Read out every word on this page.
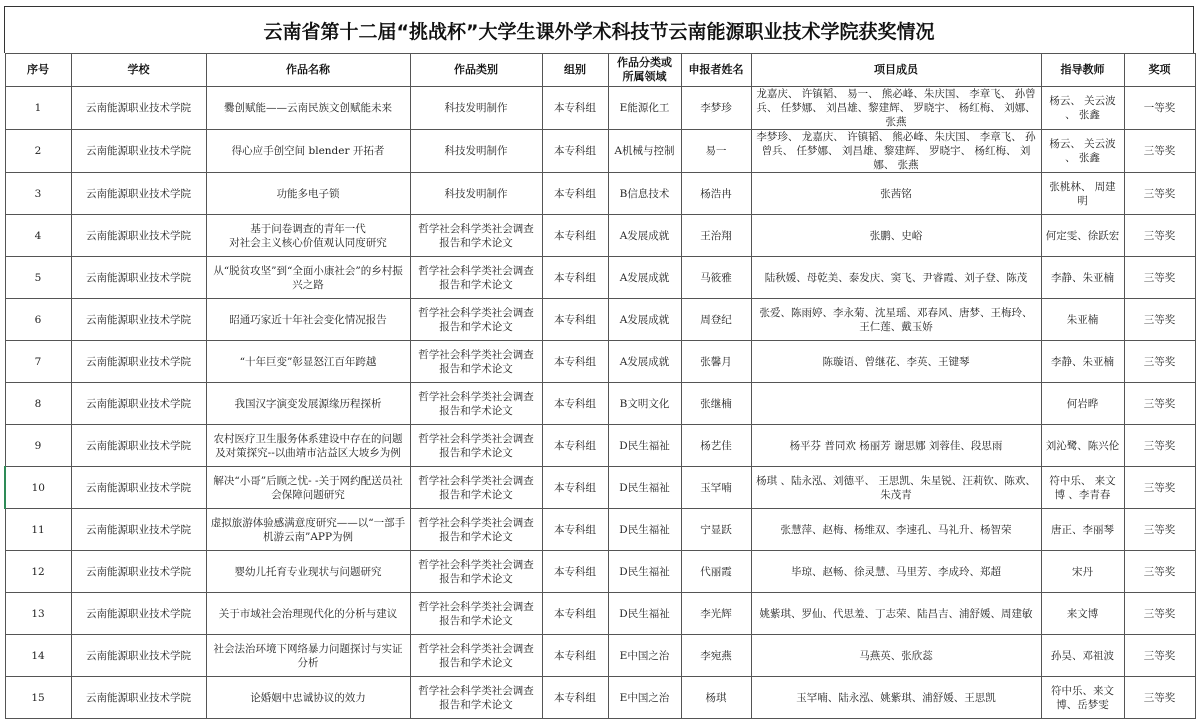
云南省第十二届“挑战杯”大学生课外学术科技节云南能源职业技术学院获奖情况
序号	学校	作品名称	作品类别	组别	作品分类或所属领域	申报者姓名	项目成员	指导教师	奖项
1	云南能源职业技术学院	爨创赋能——云南民族文创赋能未来	科技发明制作	本专科组	E能源化工	李梦珍	龙嘉庆、 许镇韬、 易一、 熊必峰、朱庆国、 李章飞、 孙曾兵、 任梦娜、 刘昌雄、黎建辉、 罗晓宇、 杨红梅、 刘娜、 张燕	杨云、 关云波 、 张鑫	一等奖
2	云南能源职业技术学院	得心应手创空间 blender 开拓者	科技发明制作	本专科组	A机械与控制	易一	李梦珍、 龙嘉庆、 许镇韬、 熊必峰、朱庆国、 李章飞、 孙曾兵、 任梦娜、 刘昌雄、黎建辉、 罗晓宇、 杨红梅、 刘娜、 张燕	杨云、 关云波 、 张鑫	三等奖
3	云南能源职业技术学院	功能多电子锁	科技发明制作	本专科组	B信息技术	杨浩冉	张茜铭	张桃林、 周建明	三等奖
4	云南能源职业技术学院	基于问卷调查的青年一代
对社会主义核心价值观认同度研究	哲学社会科学类社会调查报告和学术论文	本专科组	A发展成就	王治翔	张鹏、史峪	何定雯、徐跃宏	三等奖
5	云南能源职业技术学院	从“脱贫攻坚”到“全面小康社会”的乡村振兴之路	哲学社会科学类社会调查报告和学术论文	本专科组	A发展成就	马筱雅	陆秋媛、母乾美、泰发庆、窦飞、尹睿霞、刘子登、陈茂	李静、朱亚楠	三等奖
6	云南能源职业技术学院	昭通巧家近十年社会变化情况报告	哲学社会科学类社会调查报告和学术论文	本专科组	A发展成就	周登纪	张爱、陈雨婷、李永菊、沈星瑶、邓春风、唐梦、王梅玲、王仁莲、戴玉娇	朱亚楠	三等奖
7	云南能源职业技术学院	“十年巨变”彰显怒江百年跨越	哲学社会科学类社会调查报告和学术论文	本专科组	A发展成就	张馨月	陈璇语、曾继花、李英、王键琴	李静、朱亚楠	三等奖
8	云南能源职业技术学院	我国汉字演变发展源缘历程探析	哲学社会科学类社会调查报告和学术论文	本专科组	B文明文化	张继楠		何岩晔	三等奖
9	云南能源职业技术学院	农村医疗卫生服务体系建设中存在的问题及对策探究--以曲靖市沾益区大坡乡为例	哲学社会科学类社会调查报告和学术论文	本专科组	D民生福祉	杨艺佳	杨平芬 普同欢 杨丽芳 谢思娜 刘蓉佳、段思雨	刘沁鹭、陈兴伦	三等奖
10	云南能源职业技术学院	解决“小哥”后顾之忧- -关于网约配送员社会保障问题研究	哲学社会科学类社会调查报告和学术论文	本专科组	D民生福祉	玉罕喃	杨琪 、陆永泓、刘德平、 王思凯、朱星锐、汪莉钦、陈欢、朱茂青	符中乐、 来文博 、李青春	三等奖
11	云南能源职业技术学院	虚拟旅游体验感满意度研究——以“一部手机游云南”APP为例	哲学社会科学类社会调查报告和学术论文	本专科组	D民生福祉	宁显跃	张慧萍、赵梅、杨维双、李速孔、马礼升、杨智荣	唐正、李丽琴	三等奖
12	云南能源职业技术学院	婴幼儿托育专业现状与问题研究	哲学社会科学类社会调查报告和学术论文	本专科组	D民生福祉	代丽霞	毕琼、赵畅、徐灵慧、马里芳、李成玲、郑超	宋丹	三等奖
13	云南能源职业技术学院	关于市域社会治理现代化的分析与建议	哲学社会科学类社会调查报告和学术论文	本专科组	D民生福祉	李光辉	姚紫琪、罗仙、代思羞、丁志荣、陆昌吉、浦舒媛、周建敏	来文博	三等奖
14	云南能源职业技术学院	社会法治环境下网络暴力问题探讨与实证分析	哲学社会科学类社会调查报告和学术论文	本专科组	E中国之治	李宛燕	马燕英、张欣蕊	孙昊、邓祖波	三等奖
15	云南能源职业技术学院	论婚姻中忠诚协议的效力	哲学社会科学类社会调查报告和学术论文	本专科组	E中国之治	杨琪	玉罕喃、陆永泓、姚紫琪、浦舒媛、王思凯	符中乐、来文博、岳梦雯	三等奖
